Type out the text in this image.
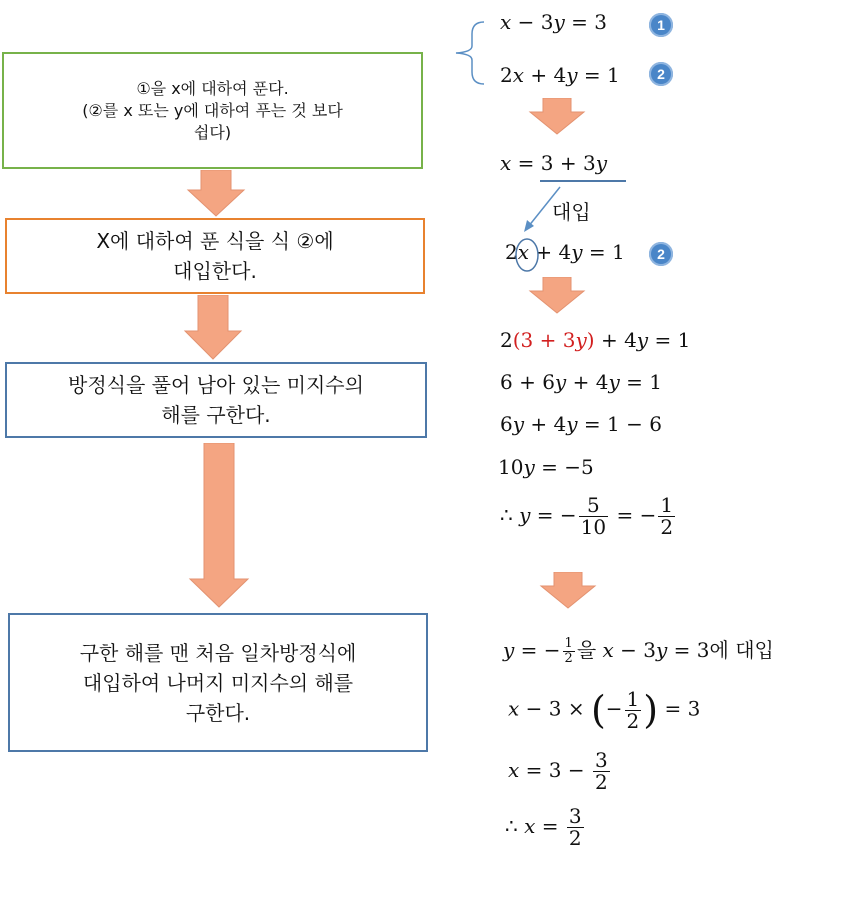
①을 x에 대하여 푼다.
(②를 x 또는 y에 대하여 푸는 것 보다
쉽다)
X에 대하여 푼 식을 식 ②에
대입한다.
방정식을 풀어 남아 있는 미지수의
해를 구한다.
구한 해를 맨 처음 일차방정식에
대입하여 나머지 미지수의 해를
구한다.
x − 3y = 3	1
2x + 4y = 1	2
x = 3 + 3y
대입
2x + 4y = 1	2
2(3 + 3y) + 4y = 1
6 + 6y + 4y = 1
6y + 4y = 1 − 6
10y = −5
∴ y = − $\frac{5}{10}$ = − $\frac{1}{2}$
y = − $\frac{1}{2}$ 을 x − 3y = 3에 대입
x − 3 × (− $\frac{1}{2}$ ) = 3
$x = 3 - \frac{3}{2}$
∴ $x = \frac{3}{2}$
